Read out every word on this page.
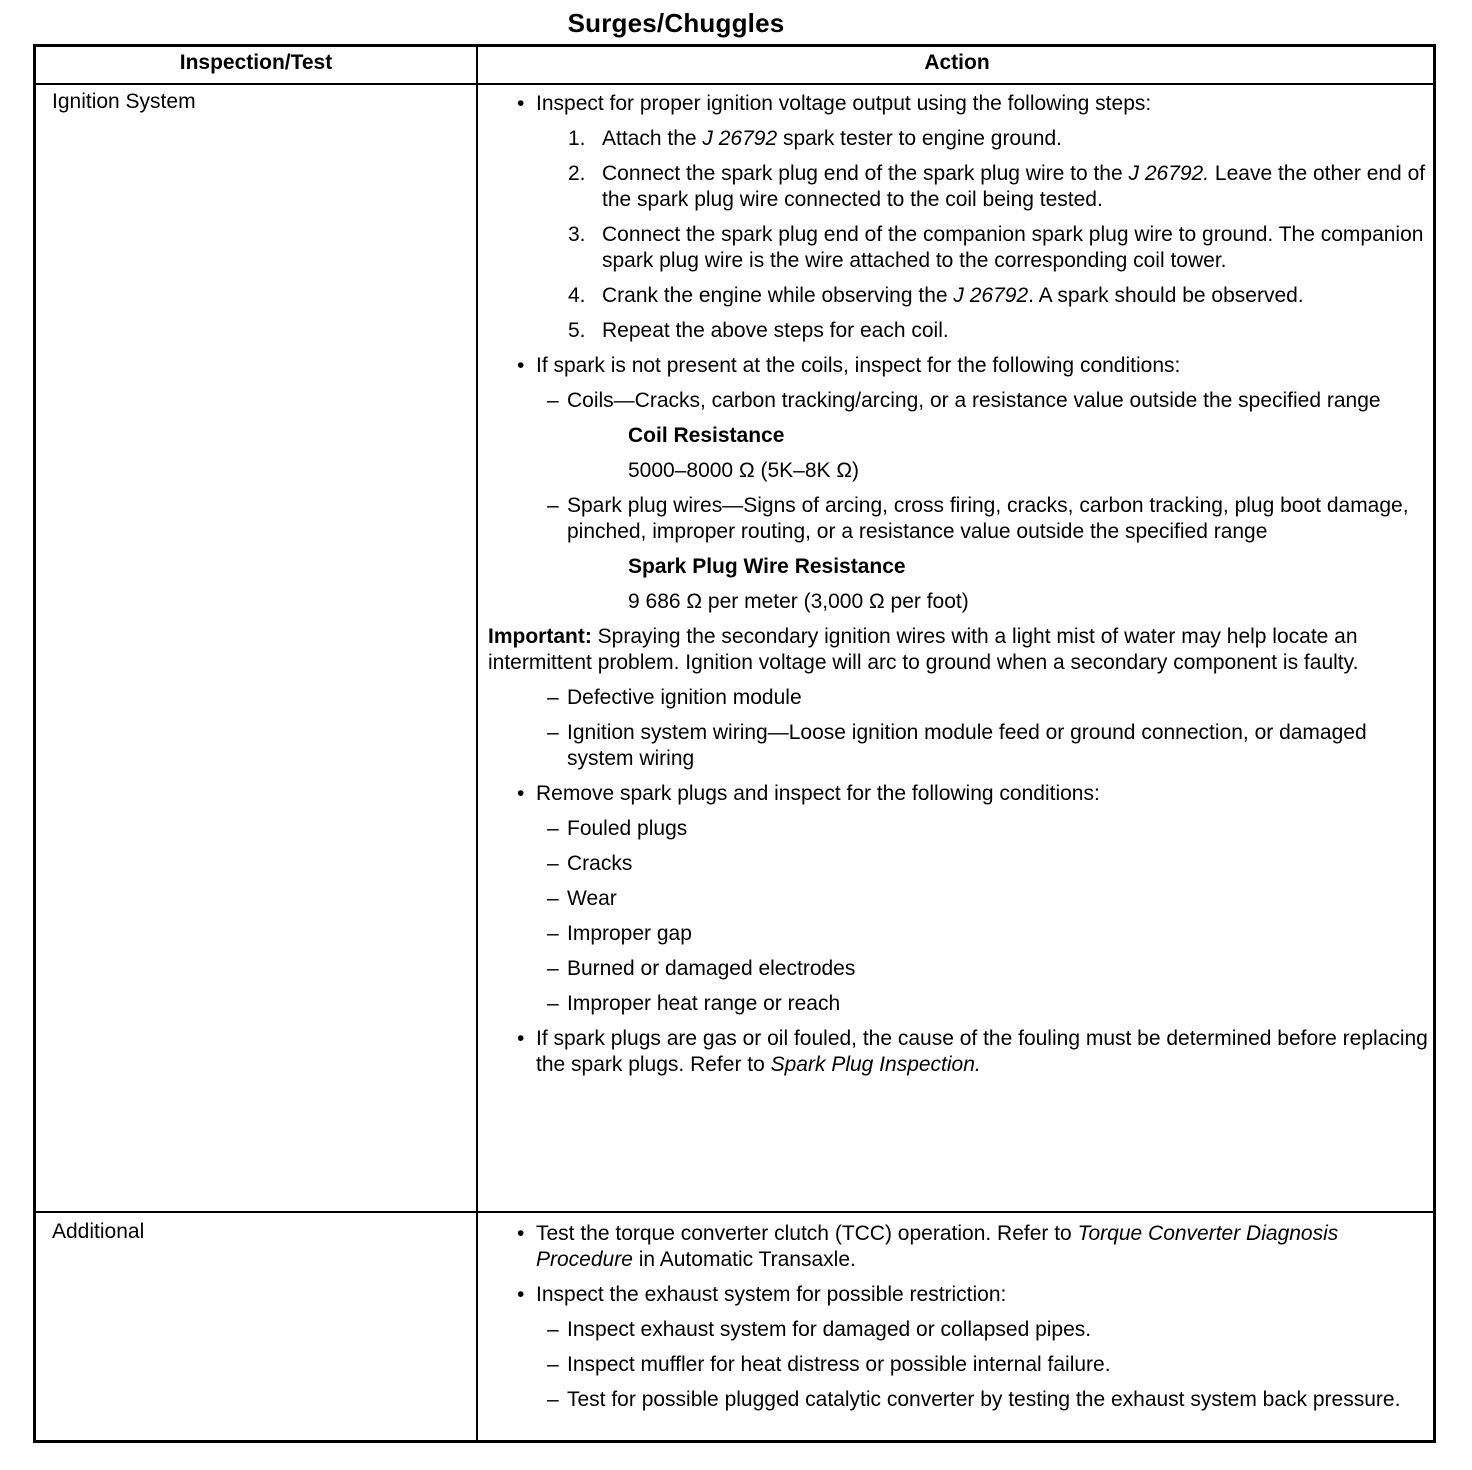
Surges/Chuggles
Inspection/Test	Action
Ignition System	• Inspect for proper ignition voltage output using the following steps:
1. Attach the J 26792 spark tester to engine ground.
2. Connect the spark plug end of the spark plug wire to the J 26792. Leave the other end of the spark plug wire connected to the coil being tested.
3. Connect the spark plug end of the companion spark plug wire to ground. The companion spark plug wire is the wire attached to the corresponding coil tower.
4. Crank the engine while observing the J 26792. A spark should be observed.
5. Repeat the above steps for each coil.
• If spark is not present at the coils, inspect for the following conditions:
– Coils—Cracks, carbon tracking/arcing, or a resistance value outside the specified range
Coil Resistance
5000–8000 Ω (5K–8K Ω)
– Spark plug wires—Signs of arcing, cross firing, cracks, carbon tracking, plug boot damage, pinched, improper routing, or a resistance value outside the specified range
Spark Plug Wire Resistance
9 686 Ω per meter (3,000 Ω per foot)
Important: Spraying the secondary ignition wires with a light mist of water may help locate an intermittent problem. Ignition voltage will arc to ground when a secondary component is faulty.
– Defective ignition module
– Ignition system wiring—Loose ignition module feed or ground connection, or damaged system wiring
• Remove spark plugs and inspect for the following conditions:
– Fouled plugs
– Cracks
– Wear
– Improper gap
– Burned or damaged electrodes
– Improper heat range or reach
• If spark plugs are gas or oil fouled, the cause of the fouling must be determined before replacing the spark plugs. Refer to Spark Plug Inspection.
Additional	• Test the torque converter clutch (TCC) operation. Refer to Torque Converter Diagnosis Procedure in Automatic Transaxle.
• Inspect the exhaust system for possible restriction:
– Inspect exhaust system for damaged or collapsed pipes.
– Inspect muffler for heat distress or possible internal failure.
– Test for possible plugged catalytic converter by testing the exhaust system back pressure.
